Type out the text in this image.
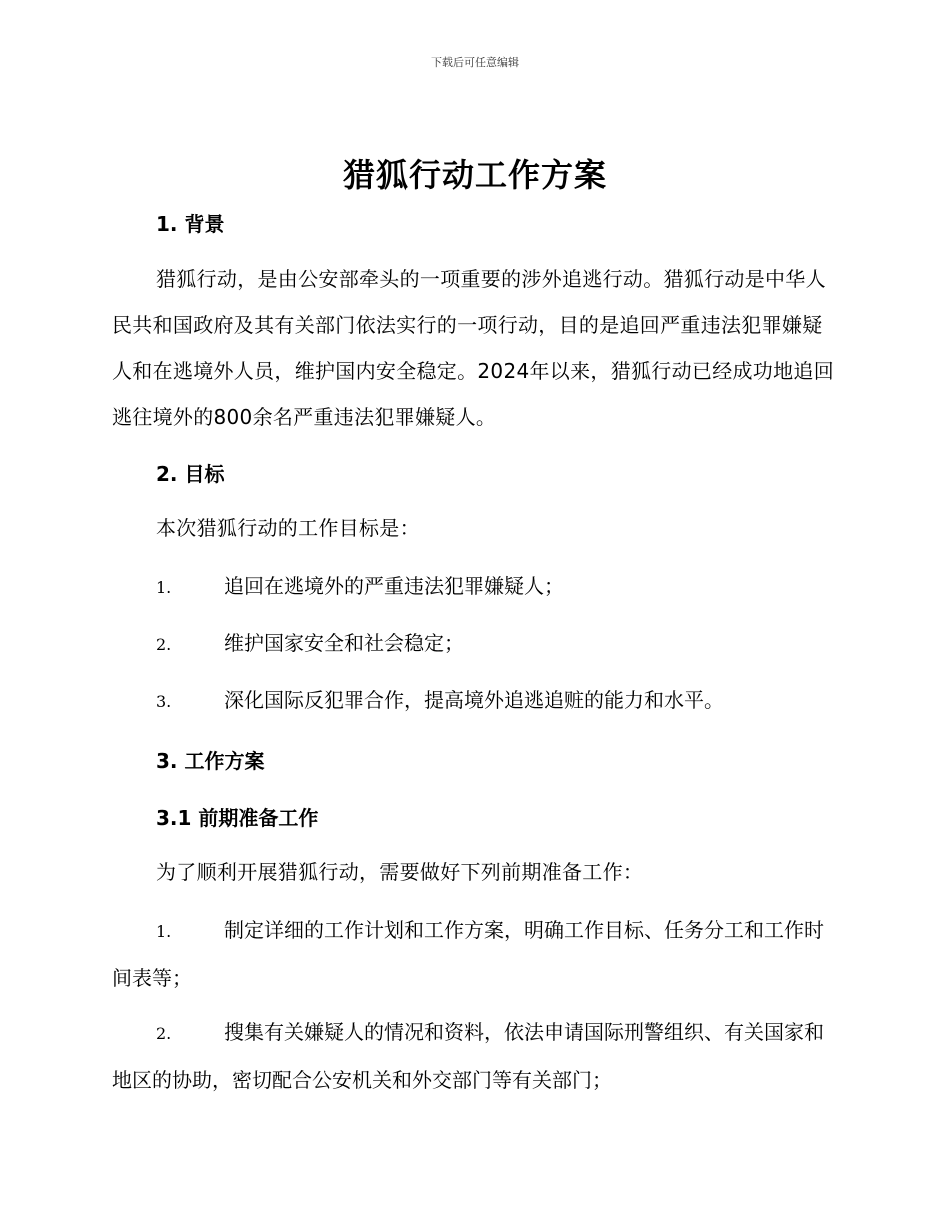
下载后可任意编辑
猎狐行动工作方案
1. 背景

猎狐行动，是由公安部牵头的一项重要的涉外追逃行动。猎狐行动是中华人民共和国政府及其有关部门依法实行的一项行动，目的是追回严重违法犯罪嫌疑人和在逃境外人员，维护国内安全稳定。2024年以来，猎狐行动已经成功地追回逃往境外的800余名严重违法犯罪嫌疑人。

2. 目标

本次猎狐行动的工作目标是：

1.	追回在逃境外的严重违法犯罪嫌疑人；

2.	维护国家安全和社会稳定；

3.	深化国际反犯罪合作，提高境外追逃追赃的能力和水平。

3. 工作方案
3.1 前期准备工作

为了顺利开展猎狐行动，需要做好下列前期准备工作：

1.	制定详细的工作计划和工作方案，明确工作目标、任务分工和工作时间表等；

2.	搜集有关嫌疑人的情况和资料，依法申请国际刑警组织、有关国家和地区的协助，密切配合公安机关和外交部门等有关部门；
